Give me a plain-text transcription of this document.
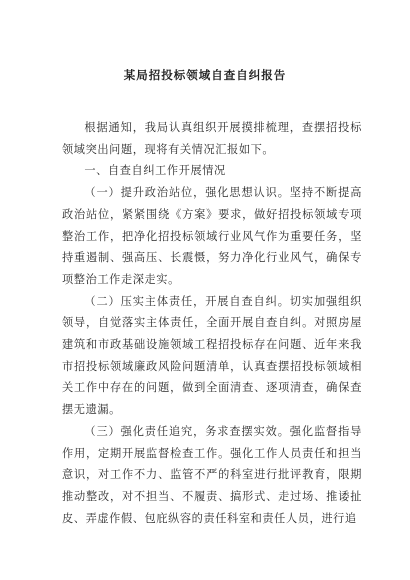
某局招投标领域自查自纠报告

根据通知，我局认真组织开展摸排梳理，查摆招投标领域突出问题，现将有关情况汇报如下。

一、自查自纠工作开展情况

（一）提升政治站位，强化思想认识。坚持不断提高政治站位，紧紧围绕《方案》要求，做好招投标领域专项整治工作，把净化招投标领域行业风气作为重要任务，坚持重遏制、强高压、长震慑，努力净化行业风气，确保专项整治工作走深走实。

（二）压实主体责任，开展自查自纠。切实加强组织领导，自觉落实主体责任，全面开展自查自纠。对照房屋建筑和市政基础设施领域工程招投标存在问题、近年来我市招投标领域廉政风险问题清单，认真查摆招投标领域相关工作中存在的问题，做到全面清查、逐项清查，确保查摆无遗漏。

（三）强化责任追究，务求查摆实效。强化监督指导作用，定期开展监督检查工作。强化工作人员责任和担当意识，对工作不力、监管不严的科室进行批评教育，限期推动整改，对不担当、不履责、搞形式、走过场、推诿扯皮、弄虚作假、包庇纵容的责任科室和责任人员，进行追
